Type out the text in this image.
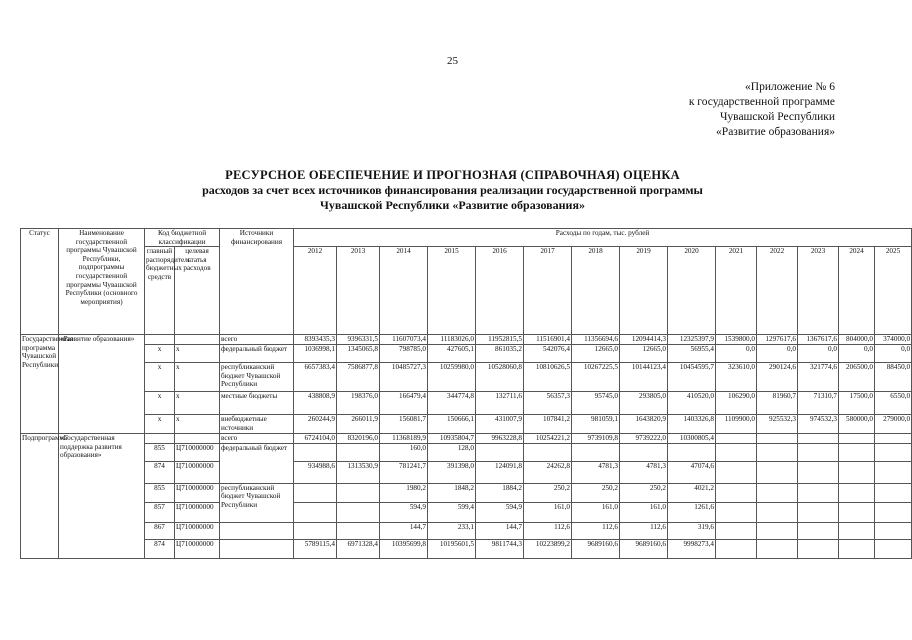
25
«Приложение № 6
к государственной программе
Чувашской Республики
«Развитие образования»
РЕСУРСНОЕ ОБЕСПЕЧЕНИЕ И ПРОГНОЗНАЯ (СПРАВОЧНАЯ) ОЦЕНКА
расходов за счет всех источников финансирования реализации государственной программы
Чувашской Республики «Развитие образования»
Статус	Наименование государственной программы Чувашской Республики, подпрограммы государственной программы Чувашской Республики (основного мероприятия)	Код бюджетной классификации		Источники финансирования	Расходы по годам, тыс. рублей														
		главный распорядитель бюджетных средств	целевая статья расходов		2012	2013	2014	2015	2016	2017	2018	2019	2020	2021	2022	2023	2024	2025	

Государственная программа Чувашской Республики	«Развитие образования»			всего	8393435,3	9396331,5	11607073,4	11183026,0	11952815,5	11516901,4	11356694,6	12094414,3	12325397,9	1539800,0	1297617,6	1367617,6	804000,0	374000,0	
		x	x	федеральный бюджет	1036998,1	1345065,8	798785,0	427605,1	861035,2	542076,4	12665,0	12665,0	56955,4	0,0	0,0	0,0	0,0	0,0	
		x	x	республиканский бюджет Чувашской Республики	6657383,4	7586877,8	10485727,3	10259980,0	10528060,8	10810626,5	10267225,5	10144123,4	10454595,7	323610,0	290124,6	321774,6	206500,0	88450,0	
		x	x	местные бюджеты	438808,9	198376,0	166479,4	344774,8	132711,6	56357,3	95745,0	293805,0	410520,0	106290,0	81960,7	71310,7	17500,0	6550,0	
		x	x	внебюджетные источники	260244,9	266011,9	156081,7	150666,1	431007,9	107841,2	981059,1	1643820,9	1403326,8	1109900,0	925532,3	974532,3	580000,0	279000,0	
Подпрограмма	«Государственная поддержка развития образования»			всего	6724104,0	8320196,0	11368189,9	10935804,7	9963228,8	10254221,2	9739109,8	9739222,0	10300805,4						
		855	Ц710000000	федеральный бюджет			160,0	128,0											
		874	Ц710000000		934988,6	1313530,9	781241,7	391398,0	124091,8	24262,8	4781,3	4781,3	47074,6						
		855	Ц710000000	республиканский бюджет Чувашской Республики			1980,2	1848,2	1884,2	250,2	250,2	250,2	4021,2						
		857	Ц710000000				594,9	599,4	594,9	161,0	161,0	161,0	1261,6						
		867	Ц710000000				144,7	233,1	144,7	112,6	112,6	112,6	319,6						
		874	Ц710000000		5789115,4	6971328,4	10395699,8	10195601,5	9811744,3	10223899,2	9689160,6	9689160,6	9998273,4						
